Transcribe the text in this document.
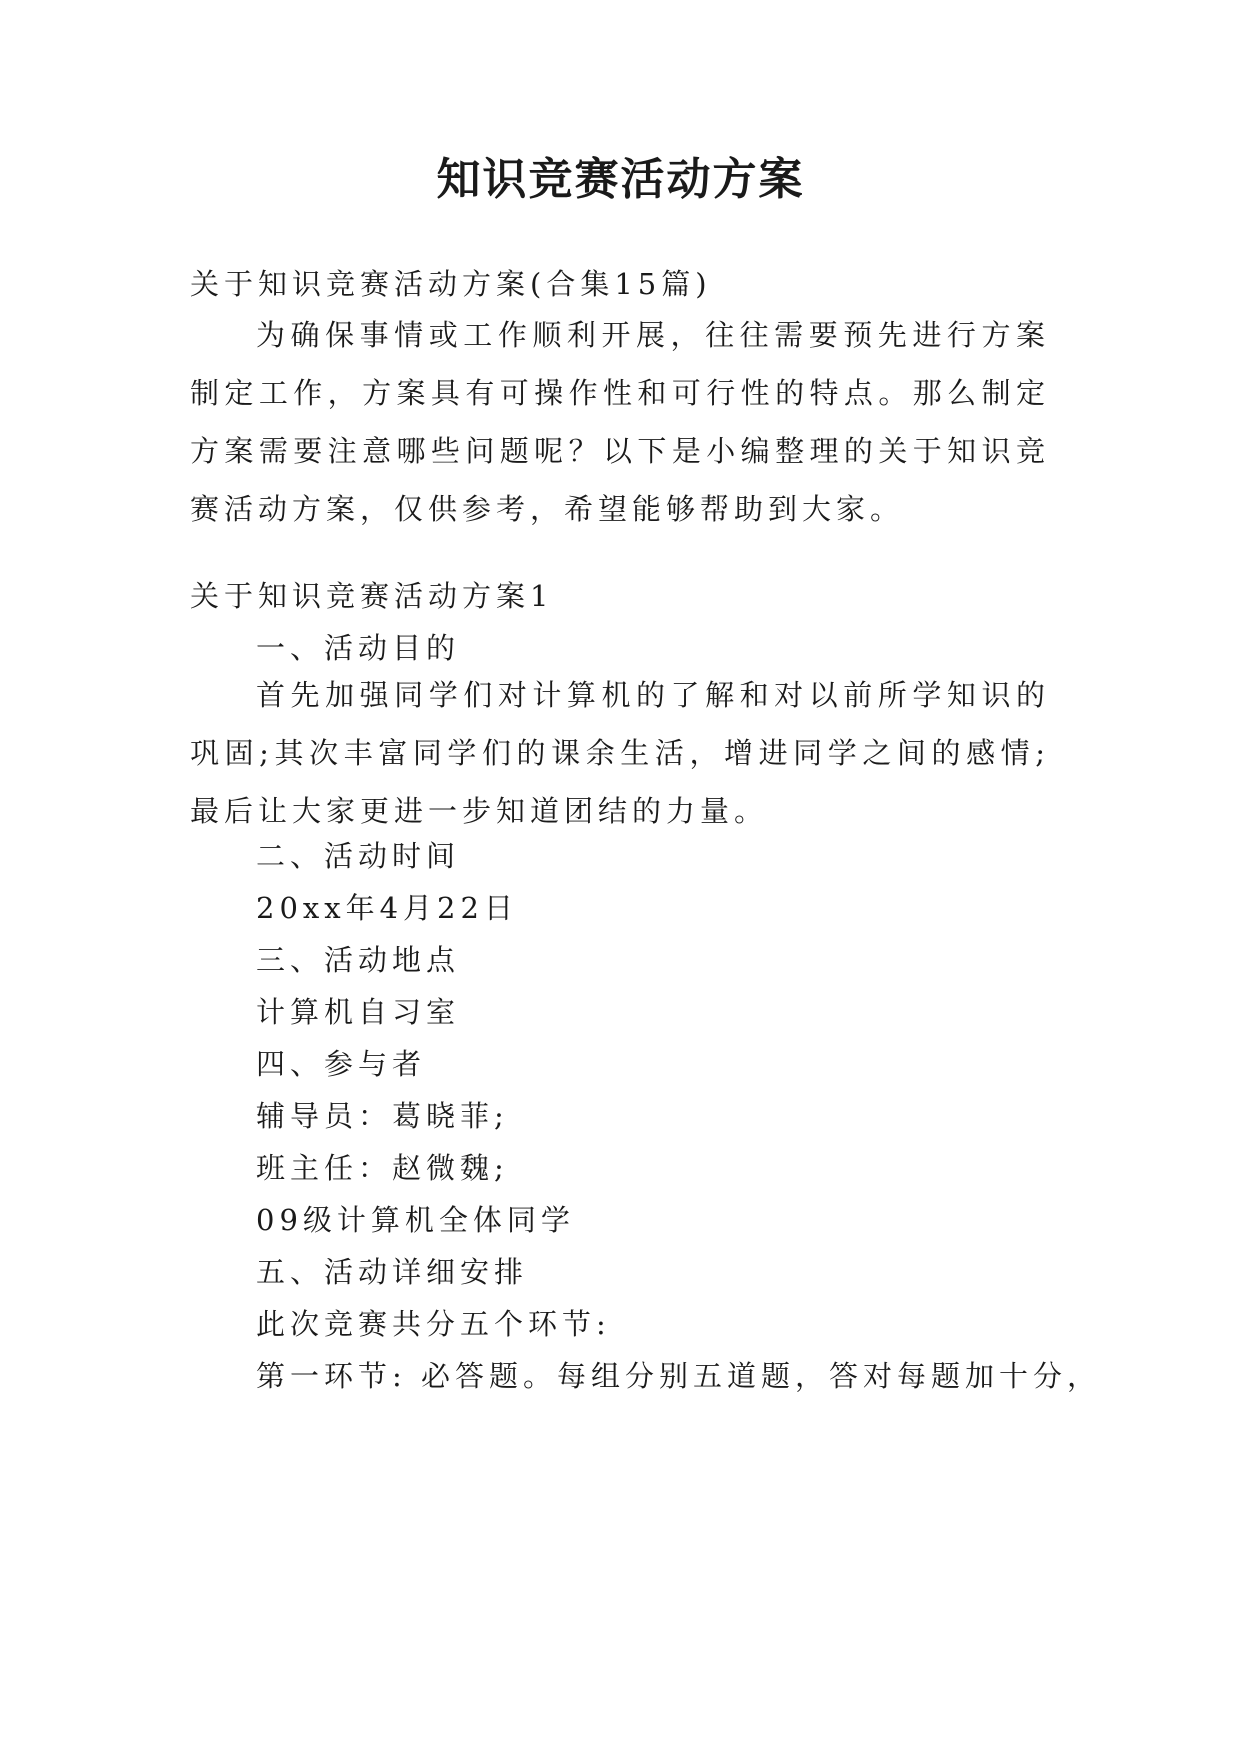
知识竞赛活动方案

关于知识竞赛活动方案(合集15篇)

为确保事情或工作顺利开展，往往需要预先进行方案制定工作，方案具有可操作性和可行性的特点。那么制定方案需要注意哪些问题呢？以下是小编整理的关于知识竞赛活动方案，仅供参考，希望能够帮助到大家。

关于知识竞赛活动方案1

一、活动目的

首先加强同学们对计算机的了解和对以前所学知识的巩固;其次丰富同学们的课余生活，增进同学之间的感情;最后让大家更进一步知道团结的力量。

二、活动时间

20xx年4月22日

三、活动地点

计算机自习室

四、参与者

辅导员：葛晓菲;

班主任：赵微魏;

09级计算机全体同学

五、活动详细安排

此次竞赛共分五个环节:

第一环节: 必答题。每组分别五道题，答对每题加十分，
